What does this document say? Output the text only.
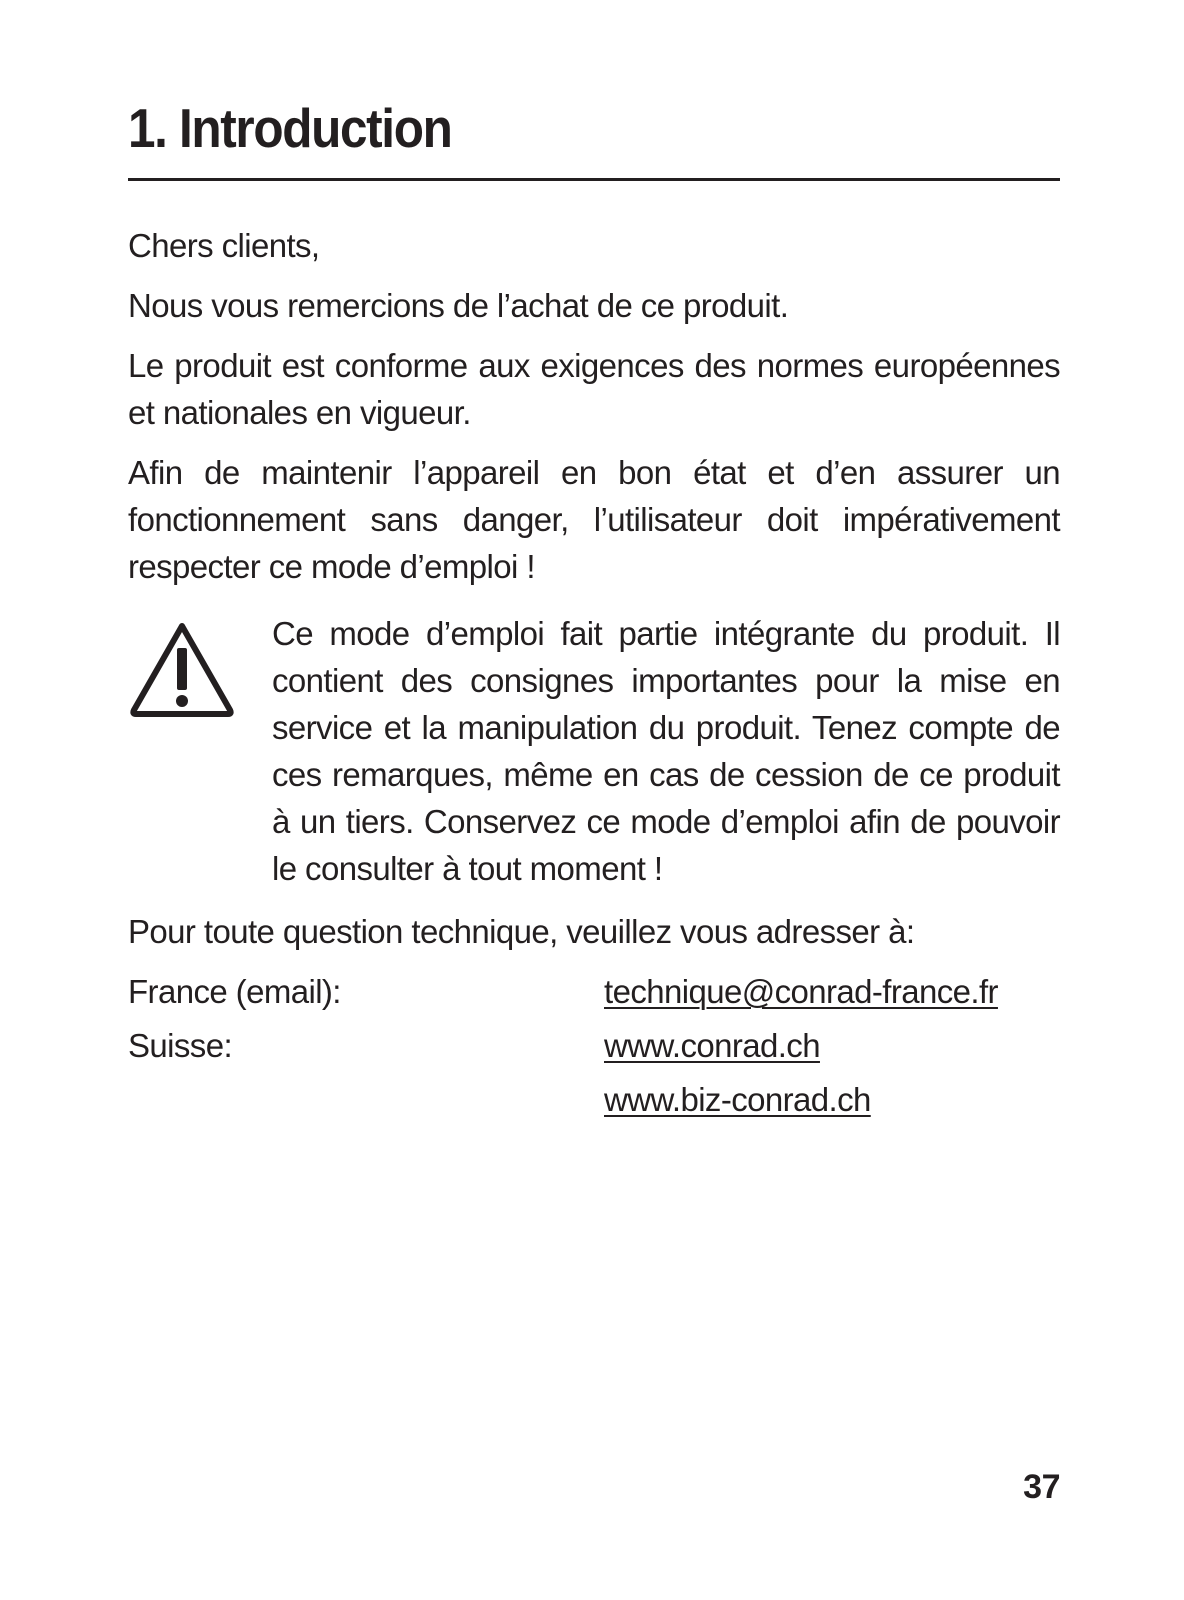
1. Introduction

Chers clients,

Nous vous remercions de l’achat de ce produit.

Le produit est conforme aux exigences des normes européennes et nationales en vigueur.

Afin de maintenir l’appareil en bon état et d’en assurer un fonctionnement sans danger, l’utilisateur doit impérativement respecter ce mode d’emploi !

Ce mode d’emploi fait partie intégrante du produit. Il contient des consignes importantes pour la mise en service et la manipulation du produit. Tenez compte de ces remarques, même en cas de cession de ce produit à un tiers. Conservez ce mode d’emploi afin de pouvoir le consulter à tout moment !

Pour toute question technique, veuillez vous adresser à:

France (email):	technique@conrad-france.fr
Suisse:	www.conrad.ch
www.biz-conrad.ch
37
